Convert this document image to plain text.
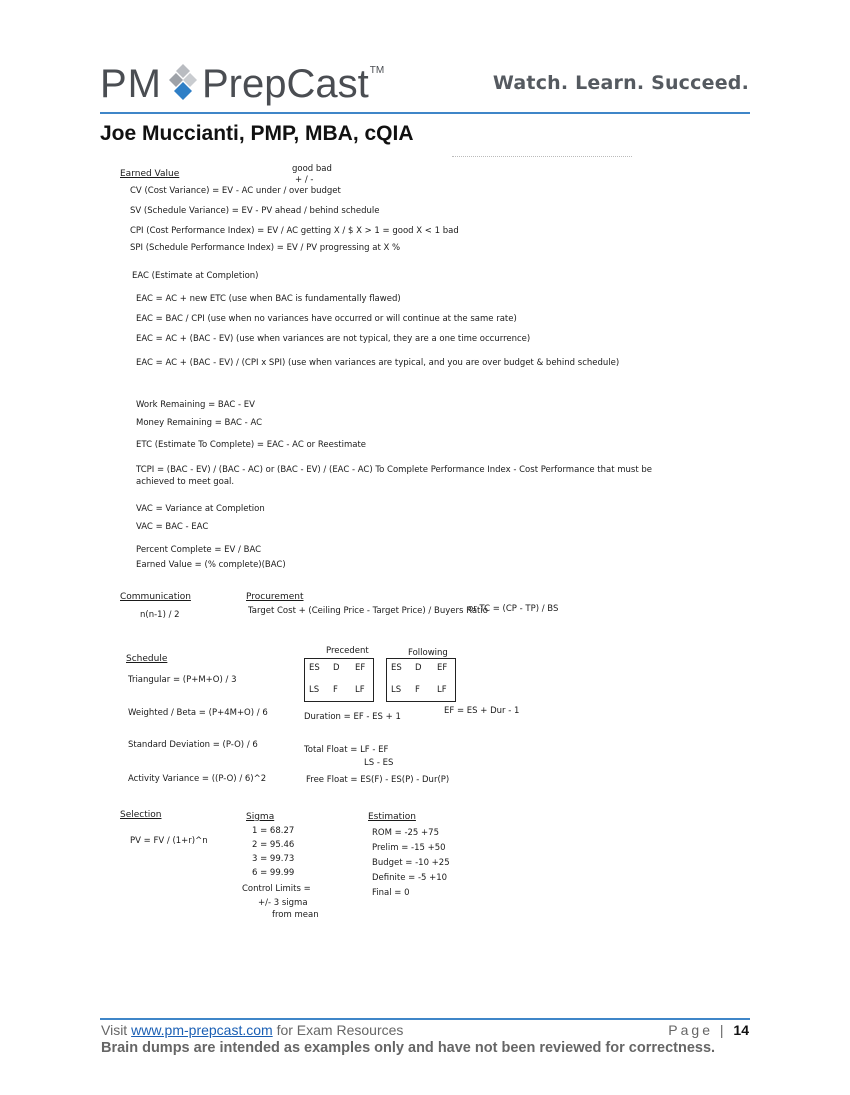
PM PrepCast TM
Watch. Learn. Succeed.
Joe Muccianti, PMP, MBA, cQIA
Earned Value	good bad
+ / -
CV (Cost Variance) = EV - AC under / over budget
SV (Schedule Variance) = EV - PV ahead / behind schedule
CPI (Cost Performance Index) = EV / AC getting X / $ X > 1 = good X < 1 bad
SPI (Schedule Performance Index) = EV / PV progressing at X %
EAC (Estimate at Completion)
EAC = AC + new ETC (use when BAC is fundamentally flawed)
EAC = BAC / CPI (use when no variances have occurred or will continue at the same rate)
EAC = AC + (BAC - EV) (use when variances are not typical, they are a one time occurrence)
EAC = AC + (BAC - EV) / (CPI x SPI) (use when variances are typical, and you are over budget & behind schedule)
Work Remaining = BAC - EV
Money Remaining = BAC - AC
ETC (Estimate To Complete) = EAC - AC or Reestimate
TCPI = (BAC - EV) / (BAC - AC) or (BAC - EV) / (EAC - AC) To Complete Performance Index - Cost Performance that must be achieved to meet goal.
VAC = Variance at Completion
VAC = BAC - EAC
Percent Complete = EV / BAC
Earned Value = (% complete)(BAC)
Communication
n(n-1) / 2
Procurement
Target Cost + (Ceiling Price - Target Price) / Buyers Ratio
or TC = (CP - TP) / BS
Schedule
Triangular = (P+M+O) / 3
Weighted / Beta = (P+4M+O) / 6
Standard Deviation = (P-O) / 6
Activity Variance = ((P-O) / 6)^2
Precedent	Following
ES D EF
LS F LF
ES D EF
LS F LF
Duration = EF - ES + 1
EF = ES + Dur - 1
Total Float = LF - EF
LS - ES
Free Float = ES(F) - ES(P) - Dur(P)
Selection
PV = FV / (1+r)^n
Sigma
1 = 68.27
2 = 95.46
3 = 99.73
6 = 99.99
Control Limits =
+/- 3 sigma
from mean
Estimation
ROM = -25 +75
Prelim = -15 +50
Budget = -10 +25
Definite = -5 +10
Final = 0
Visit www.pm-prepcast.com for Exam Resources	Page | 14
Brain dumps are intended as examples only and have not been reviewed for correctness.
